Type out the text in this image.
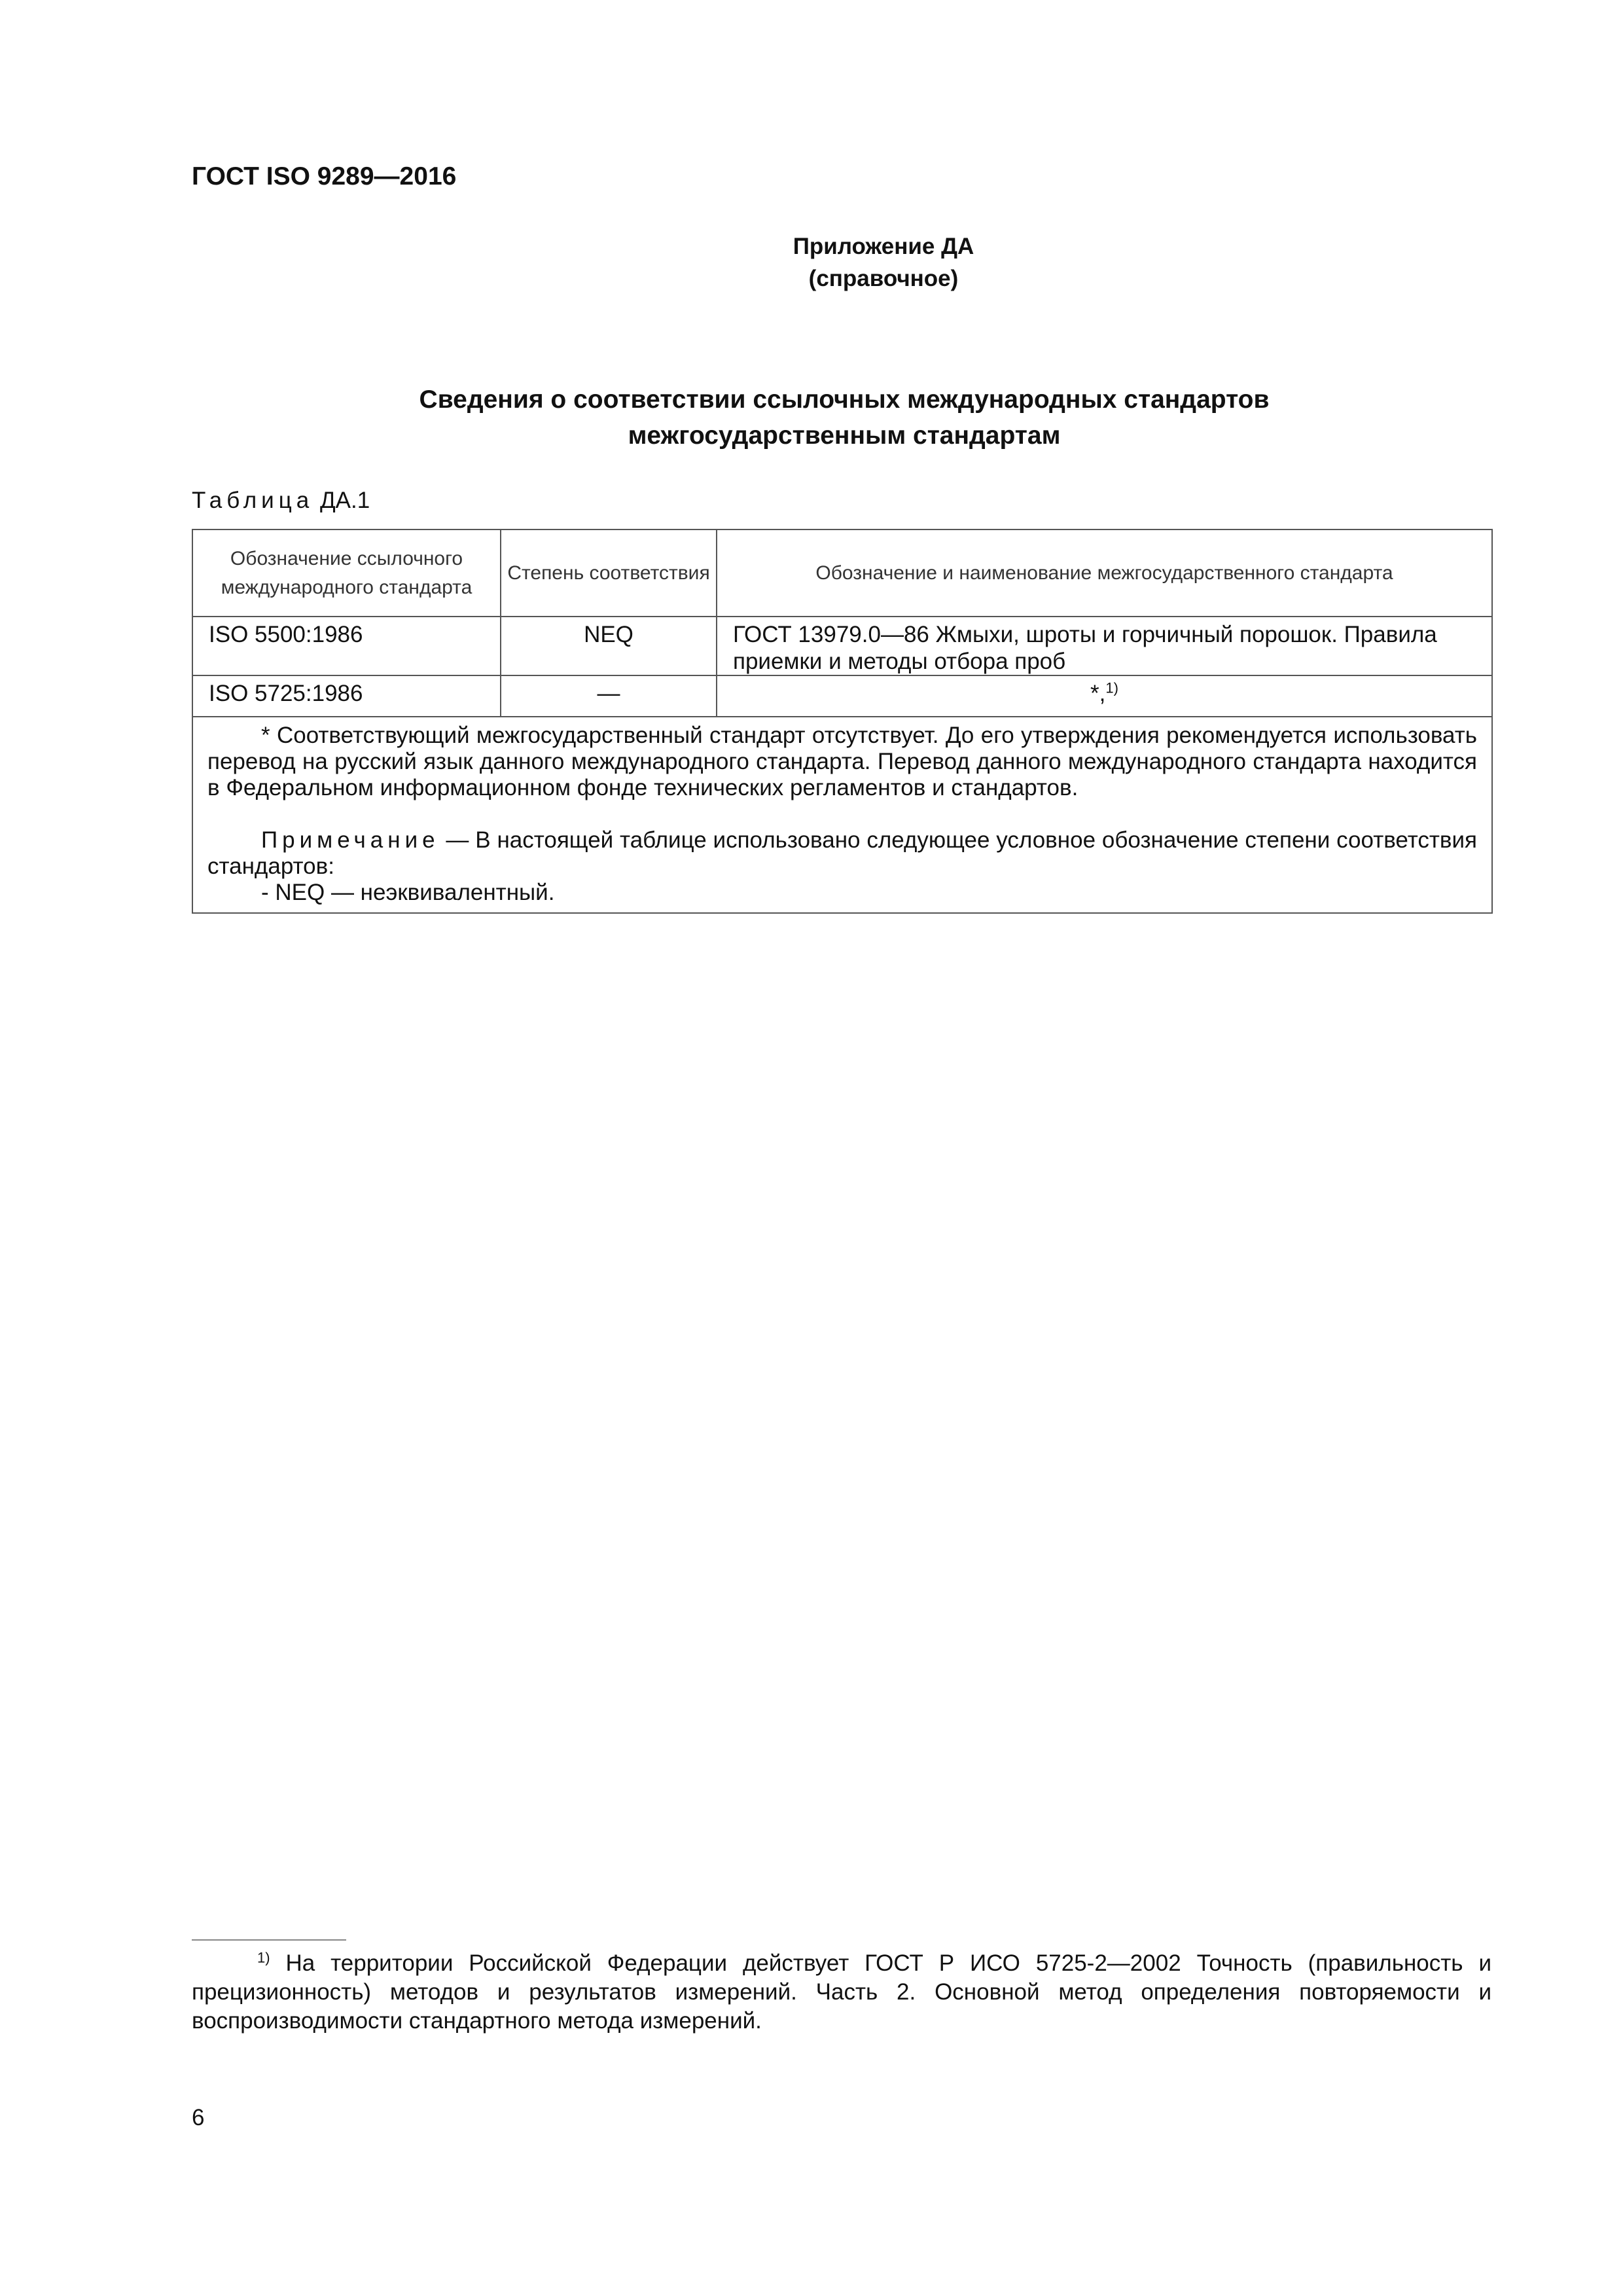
ГОСТ ISO 9289—2016
Приложение ДА
(справочное)
Сведения о соответствии ссылочных международных стандартов
межгосударственным стандартам
Таблица ДА.1
Обозначение ссылочного международного стандарта	Степень соответствия	Обозначение и наименование межгосударственного стандарта
ISO 5500:1986	NEQ	ГОСТ 13979.0—86 Жмыхи, шроты и горчичный порошок. Правила приемки и методы отбора проб
ISO 5725:1986	—	*,$^{1)}$

* Соответствующий межгосударственный стандарт отсутствует. До его утверждения рекомендуется использовать перевод на русский язык данного международного стандарта. Перевод данного международного стандарта находится в Федеральном информационном фонде технических регламентов и стандартов.

Примечание — В настоящей таблице использовано следующее условное обозначение степени соответствия стандартов:

- NEQ — неэквивалентный.		

$^{1)}$ На территории Российской Федерации действует ГОСТ Р ИСО 5725-2—2002 Точность (правильность и прецизионность) методов и результатов измерений. Часть 2. Основной метод определения повторяемости и воспроизводимости стандартного метода измерений.
6
